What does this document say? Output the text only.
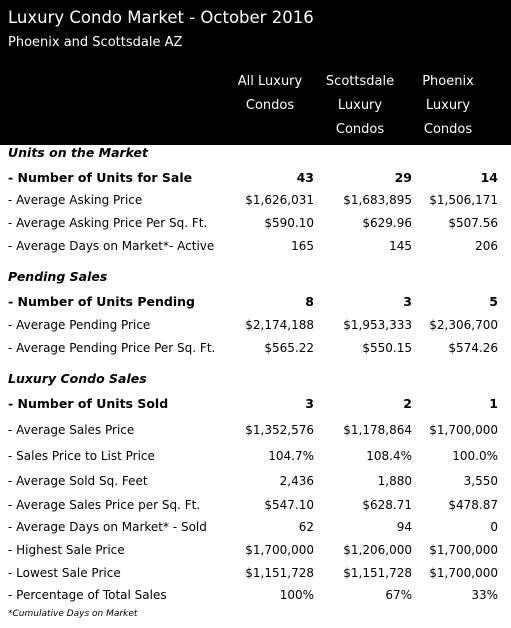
Luxury Condo Market - October 2016
Phoenix and Scottsdale AZ
All Luxury
Condos
Scottsdale
Luxury
Condos
Phoenix
Luxury
Condos
Units on the Market
- Number of Units for Sale	43	29	14
- Average Asking Price	$1,626,031 $1,683,895 $1,506,171
- Average Asking Price Per Sq. Ft.	$590.10	$629.96	$507.56
- Average Days on Market*- Active	165	145	206
Pending Sales
- Number of Units Pending	8	3	5
- Average Pending Price	$2,174,188 $1,953,333 $2,306,700
- Average Pending Price Per Sq. Ft.	$565.22	$550.15	$574.26
Luxury Condo Sales
- Number of Units Sold	3	2	1
- Average Sales Price	$1,352,576 $1,178,864 $1,700,000
- Sales Price to List Price	104.7%	108.4%	100.0%
- Average Sold Sq. Feet	2,436	1,880	3,550
- Average Sales Price per Sq. Ft.	$547.10	$628.71	$478.87
- Average Days on Market* - Sold	62	94	0
- Highest Sale Price	$1,700,000 $1,206,000 $1,700,000
- Lowest Sale Price	$1,151,728 $1,151,728 $1,700,000
- Percentage of Total Sales	100%	67%	33%
*Cumulative Days on Market
